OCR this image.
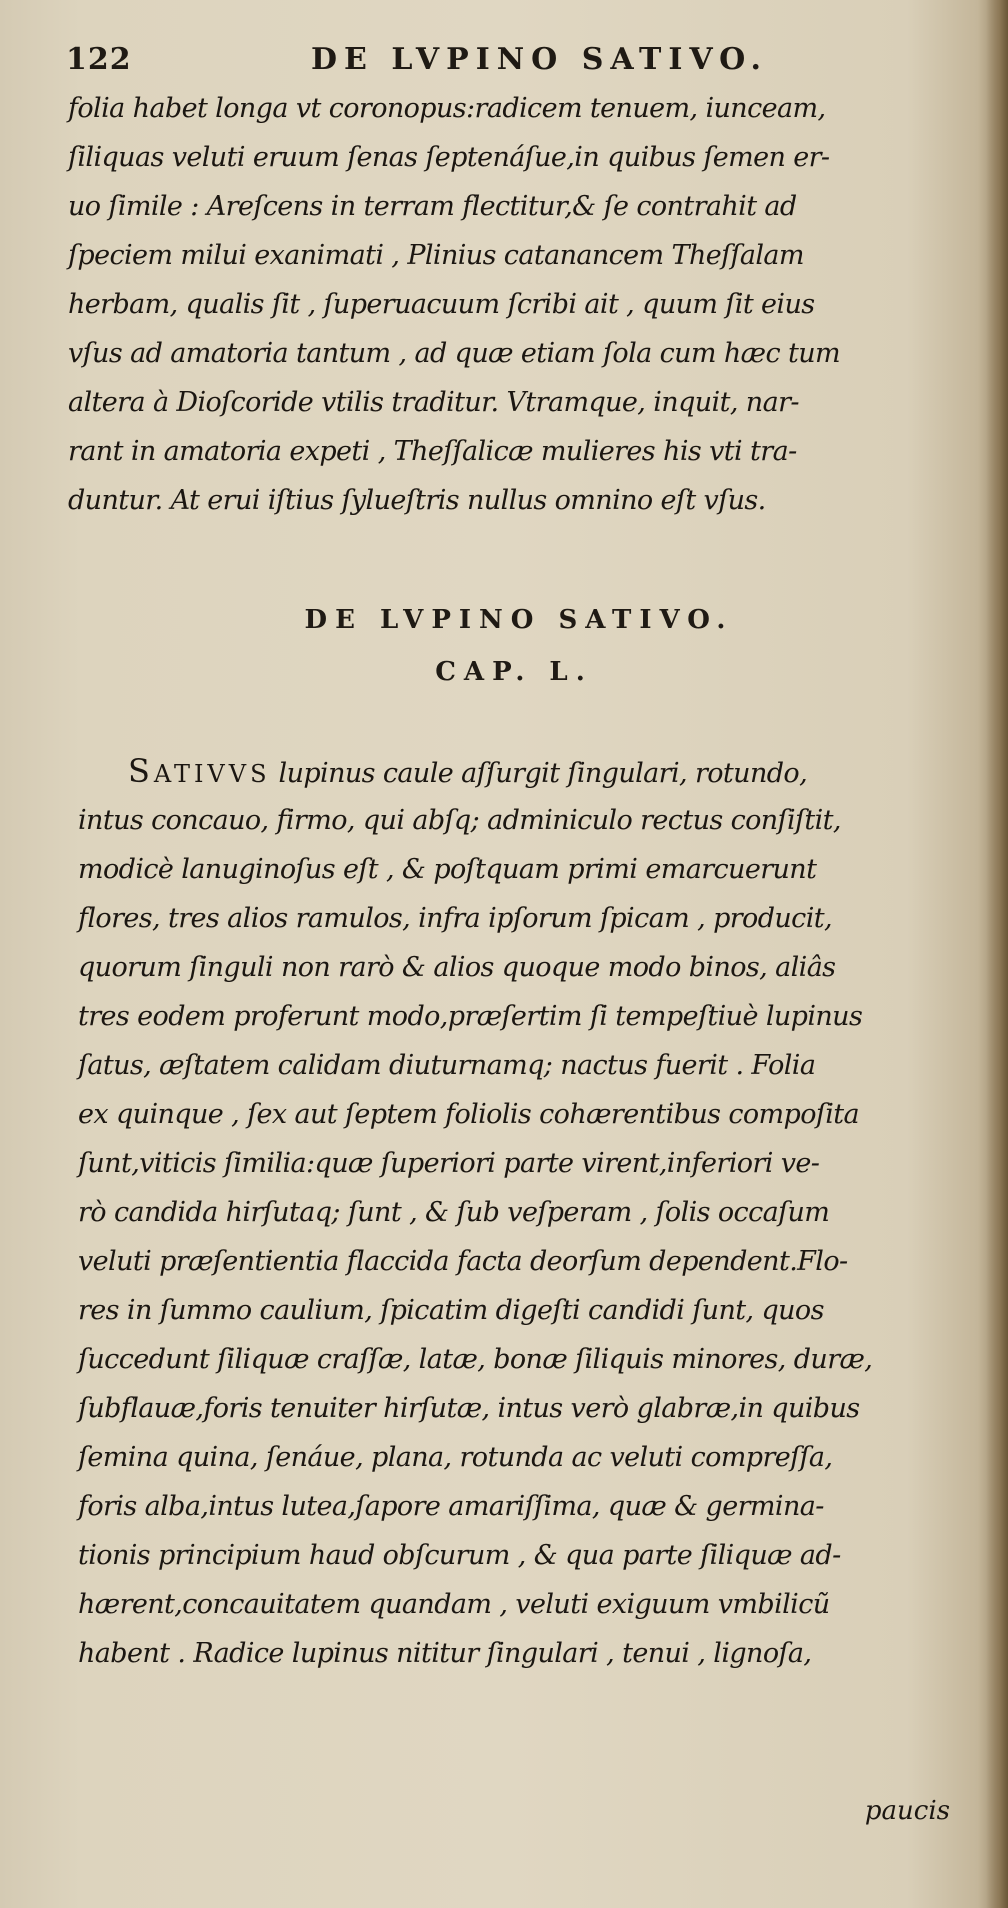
122	DE LVPINO SATIVO.
folia habet longa vt coronopus:radicem tenuem, iunceam,
ſiliquas veluti eruum ſenas ſeptenáſue,in quibus ſemen er-
uo ſimile : Areſcens in terram flectitur,& ſe contrahit ad
ſpeciem milui exanimati , Plinius catanancem Theſſalam
herbam, qualis ſit , ſuperuacuum ſcribi ait , quum ſit eius
vſus ad amatoria tantum , ad quæ etiam ſola cum hæc tum
altera à Dioſcoride vtilis traditur. Vtramque, inquit, nar-
rant in amatoria expeti , Theſſalicæ mulieres his vti tra-
duntur. At erui iſtius ſylueſtris nullus omnino eſt vſus.
DE LVPINO SATIVO.
CAP. L.
SATIVVS lupinus caule aſſurgit ſingulari, rotundo,
intus concauo, firmo, qui abſq; adminiculo rectus conſiſtit,
modicè lanuginoſus eſt , & poſtquam primi emarcuerunt
flores, tres alios ramulos, infra ipſorum ſpicam , producit,
quorum ſinguli non rarò & alios quoque modo binos, aliâs
tres eodem proferunt modo,præſertim ſi tempeſtiuè lupinus
ſatus, æſtatem calidam diuturnamq; nactus fuerit . Folia
ex quinque , ſex aut ſeptem foliolis cohærentibus compoſita
ſunt,viticis ſimilia:quæ ſuperiori parte virent,inferiori ve-
rò candida hirſutaq; ſunt , & ſub veſperam , ſolis occaſum
veluti præſentientia flaccida facta deorſum dependent.Flo-
res in ſummo caulium, ſpicatim digeſti candidi ſunt, quos
ſuccedunt ſiliquæ craſſæ, latæ, bonæ ſiliquis minores, duræ,
ſubflauæ,foris tenuiter hirſutæ, intus verò glabræ,in quibus
ſemina quina, ſenáue, plana, rotunda ac veluti compreſſa,
foris alba,intus lutea,ſapore amariſſima, quæ & germina-
tionis principium haud obſcurum , & qua parte ſiliquæ ad-
hærent,concauitatem quandam , veluti exiguum vmbilicũ
habent . Radice lupinus nititur ſingulari , tenui , lignoſa,
paucis
